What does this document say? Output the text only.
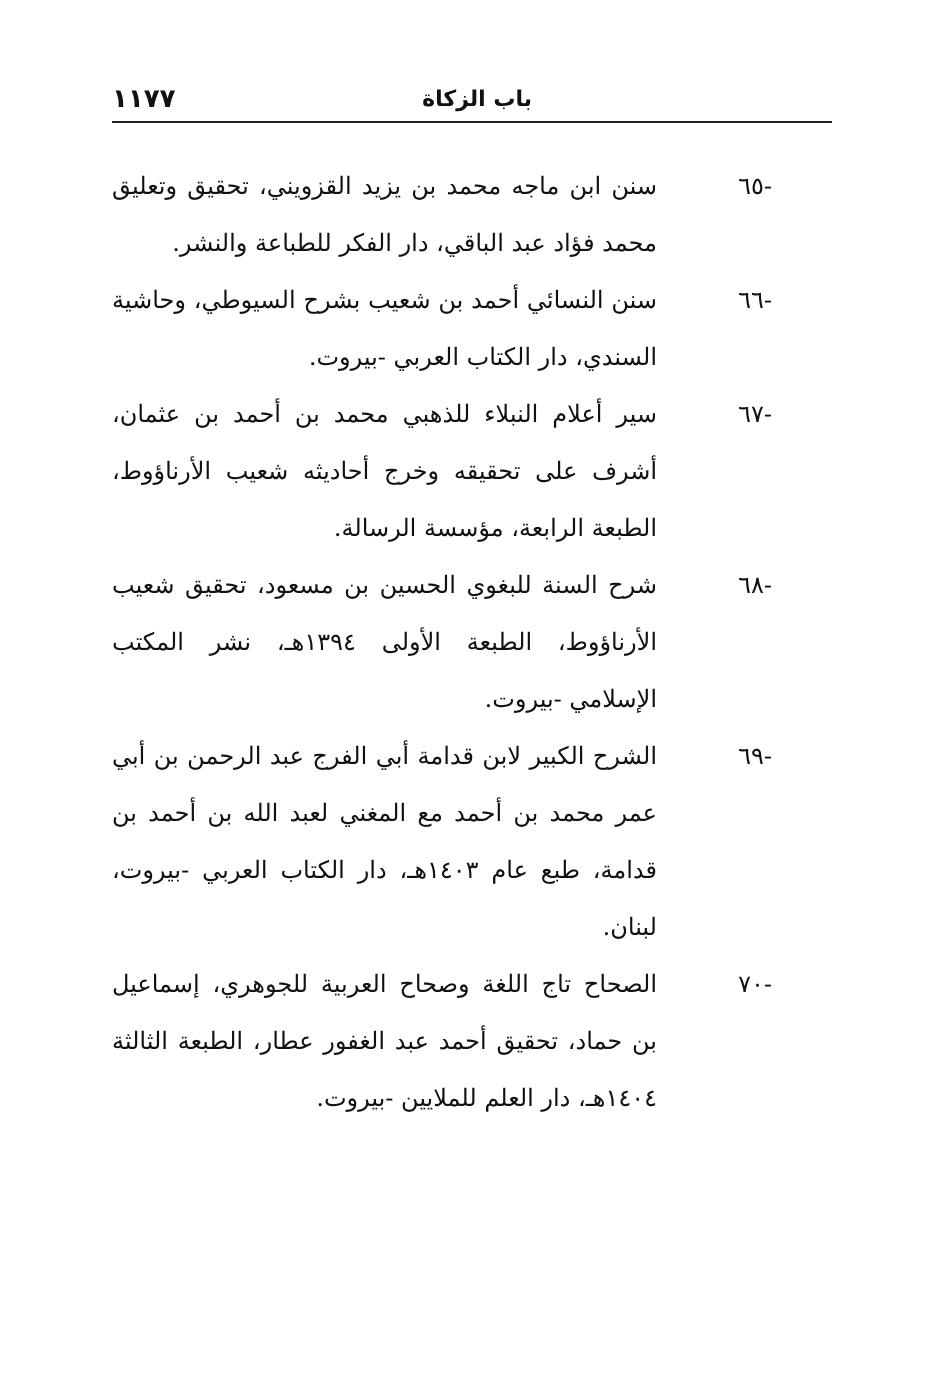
باب الزكاة
١١٧٧
-٦٥
سنن ابن ماجه محمد بن يزيد القزويني، تحقيق وتعليق محمد فؤاد عبد الباقي، دار الفكر للطباعة والنشر.
-٦٦
سنن النسائي أحمد بن شعيب بشرح السيوطي، وحاشية السندي، دار الكتاب العربي -بيروت.
-٦٧
سير أعلام النبلاء للذهبي محمد بن أحمد بن عثمان، أشرف على تحقيقه وخرج أحاديثه شعيب الأرناؤوط، الطبعة الرابعة، مؤسسة الرسالة.
-٦٨
شرح السنة للبغوي الحسين بن مسعود، تحقيق شعيب الأرناؤوط، الطبعة الأولى ١٣٩٤هـ، نشر المكتب الإسلامي -بيروت.
-٦٩
الشرح الكبير لابن قدامة أبي الفرج عبد الرحمن بن أبي عمر محمد بن أحمد مع المغني لعبد الله بن أحمد بن قدامة، طبع عام ١٤٠٣هـ، دار الكتاب العربي -بيروت، لبنان.
-٧٠
الصحاح تاج اللغة وصحاح العربية للجوهري، إسماعيل بن حماد، تحقيق أحمد عبد الغفور عطار، الطبعة الثالثة ١٤٠٤هـ، دار العلم للملايين -بيروت.
